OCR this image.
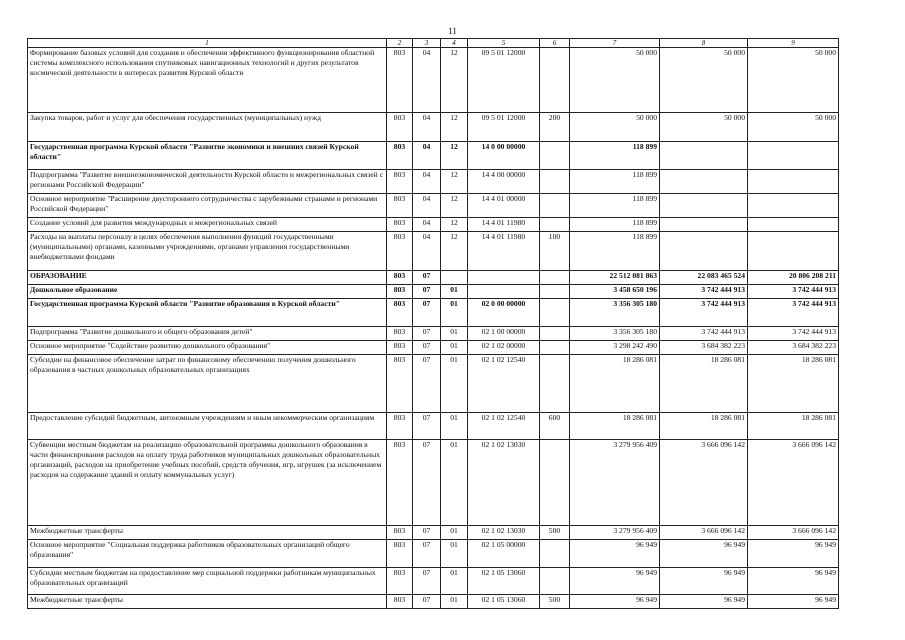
11
1	2	3	4	5	6	7	8	9
Формирование базовых условий для создания и обеспечения эффективного функционирования областной системы комплексного использования спутниковых навигационных технологий и других результатов космической деятельности в интересах развития Курской области	803	04	12	09 5 01 12000		50 000	50 000	50 000
Закупка товаров, работ и услуг для обеспечения государственных (муниципальных) нужд	803	04	12	09 5 01 12000	200	50 000	50 000	50 000
Государственная программа Курской области "Развитие экономики и внешних связей Курской области"	803	04	12	14 0 00 00000		118 899		
Подпрограмма "Развитие внешнеэкономической деятельности Курской области и межрегиональных связей с регионами Российской Федерации"	803	04	12	14 4 00 00000		118 899		
Основное мероприятие "Расширение двустороннего сотрудничества с зарубежными странами и регионами Российской Федерации"	803	04	12	14 4 01 00000		118 899		
Создание условий для развития международных и межрегиональных связей	803	04	12	14 4 01 11980		118 899		
Расходы на выплаты персоналу в целях обеспечения выполнения функций государственными (муниципальными) органами, казенными учреждениями, органами управления государственными внебюджетными фондами	803	04	12	14 4 01 11980	100	118 899		
ОБРАЗОВАНИЕ	803	07				22 512 081 863	22 083 465 524	20 806 208 211
Дошкольное образование	803	07	01			3 458 650 196	3 742 444 913	3 742 444 913
Государственная программа Курской области "Развитие образования в Курской области"	803	07	01	02 0 00 00000		3 356 305 180	3 742 444 913	3 742 444 913
Подпрограмма "Развитие дошкольного и общего образования детей"	803	07	01	02 1 00 00000		3 356 305 180	3 742 444 913	3 742 444 913
Основное мероприятие "Содействие развитию дошкольного образования"	803	07	01	02 1 02 00000		3 298 242 490	3 684 382 223	3 684 382 223
Субсидии на финансовое обеспечение затрат по финансовому обеспечению получения дошкольного образования в частных дошкольных образовательных организациях	803	07	01	02 1 02 12540		18 286 081	18 286 081	18 286 081
Предоставление субсидий бюджетным, автономным учреждениям и иным некоммерческим организациям	803	07	01	02 1 02 12540	600	18 286 081	18 286 081	18 286 081
Субвенции местным бюджетам на реализацию образовательной программы дошкольного образования в части финансирования расходов на оплату труда работников муниципальных дошкольных образовательных организаций, расходов на приобретение учебных пособий, средств обучения, игр, игрушек (за исключением расходов на содержание зданий и оплату коммунальных услуг)	803	07	01	02 1 02 13030		3 279 956 409	3 666 096 142	3 666 096 142
Межбюджетные трансферты	803	07	01	02 1 02 13030	500	3 279 956 409	3 666 096 142	3 666 096 142
Основное мероприятие "Социальная поддержка работников образовательных организаций общего образования"	803	07	01	02 1 05 00000		96 949	96 949	96 949
Субсидии местным бюджетам на предоставление мер социальной поддержки работникам муниципальных образовательных организаций	803	07	01	02 1 05 13060		96 949	96 949	96 949
Межбюджетные трансферты	803	07	01	02 1 05 13060	500	96 949	96 949	96 949
